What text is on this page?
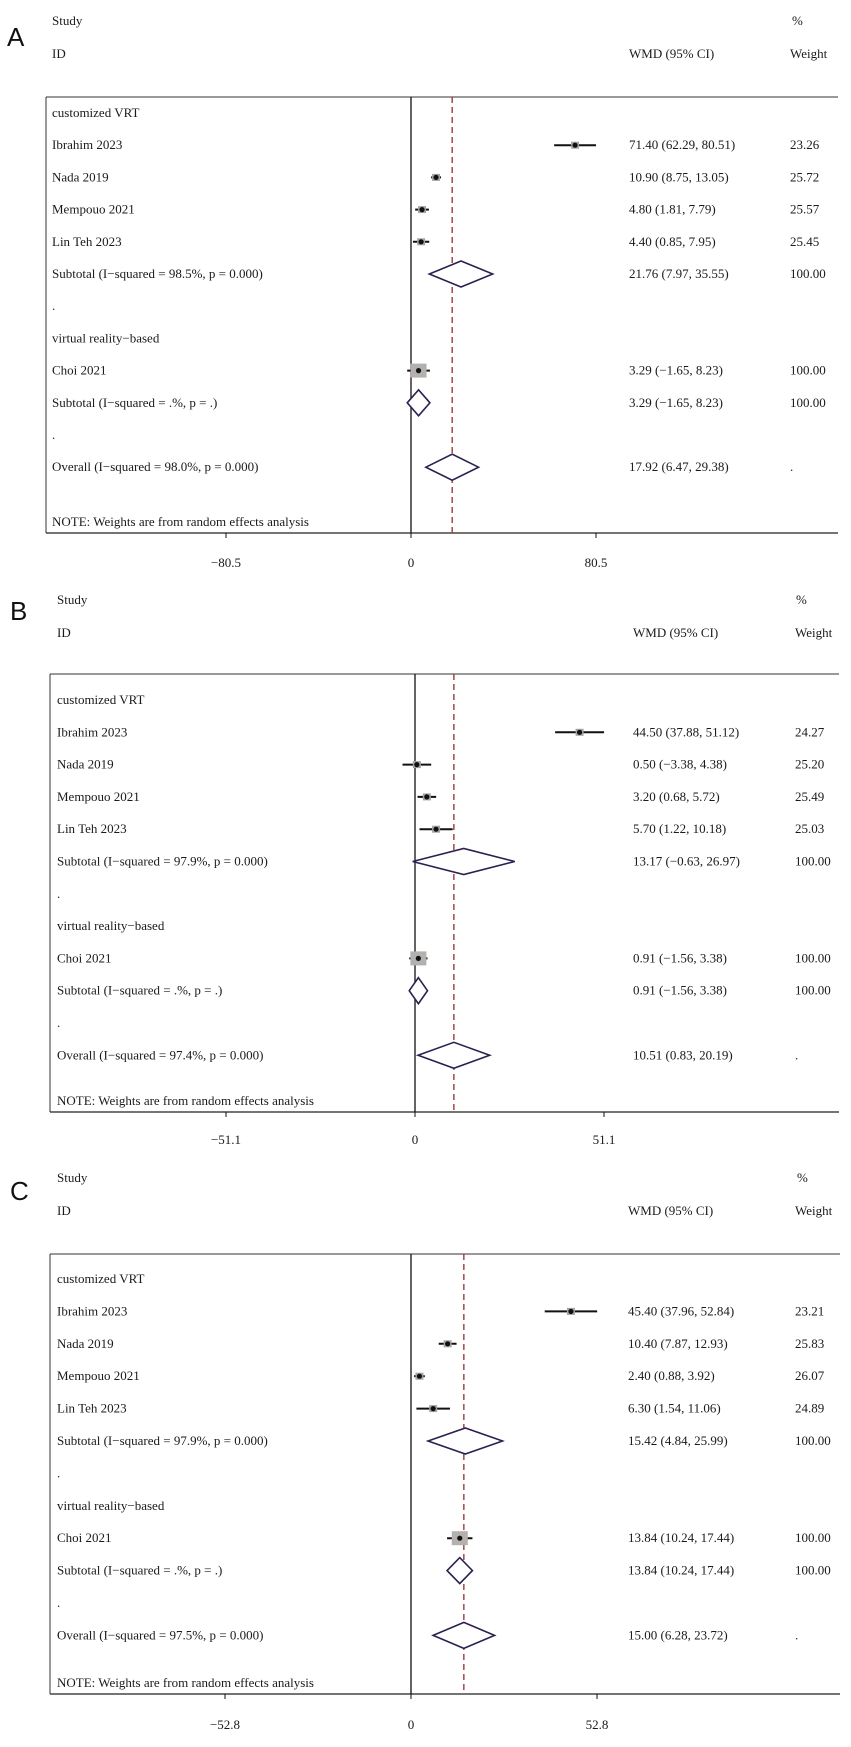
A
Study
ID	WMD (95% CI)
%
Weight
−80.5	0	80.5
customized VRT
Ibrahim 2023	71.40 (62.29, 80.51)	23.26
Nada 2019	10.90 (8.75, 13.05)	25.72
Mempouo 2021	4.80 (1.81, 7.79)	25.57
Lin Teh 2023	4.40 (0.85, 7.95)	25.45
Subtotal (I−squared = 98.5%, p = 0.000)	21.76 (7.97, 35.55)	100.00
.
virtual reality−based
Choi 2021	3.29 (−1.65, 8.23)	100.00
Subtotal (I−squared = .%, p = .)	3.29 (−1.65, 8.23)	100.00
.
Overall (I−squared = 98.0%, p = 0.000)	17.92 (6.47, 29.38)	.
NOTE: Weights are from random effects analysis
B Study
ID	WMD (95% CI)
%
Weight
−51.1	0	51.1
customized VRT
Ibrahim 2023	44.50 (37.88, 51.12)	24.27
Nada 2019	0.50 (−3.38, 4.38)	25.20
Mempouo 2021	3.20 (0.68, 5.72)	25.49
Lin Teh 2023	5.70 (1.22, 10.18)	25.03
Subtotal (I−squared = 97.9%, p = 0.000)	13.17 (−0.63, 26.97)	100.00
.
virtual reality−based
Choi 2021	0.91 (−1.56, 3.38)	100.00
Subtotal (I−squared = .%, p = .)	0.91 (−1.56, 3.38)	100.00
.
Overall (I−squared = 97.4%, p = 0.000)	10.51 (0.83, 20.19)	.
NOTE: Weights are from random effects analysis
C Study
ID	WMD (95% CI)
%
Weight
−52.8	0	52.8
customized VRT
Ibrahim 2023	45.40 (37.96, 52.84)	23.21
Nada 2019	10.40 (7.87, 12.93)	25.83
Mempouo 2021	2.40 (0.88, 3.92)	26.07
Lin Teh 2023	6.30 (1.54, 11.06)	24.89
Subtotal (I−squared = 97.9%, p = 0.000)	15.42 (4.84, 25.99)	100.00
.
virtual reality−based
Choi 2021	13.84 (10.24, 17.44)	100.00
Subtotal (I−squared = .%, p = .)	13.84 (10.24, 17.44)	100.00
.
Overall (I−squared = 97.5%, p = 0.000)	15.00 (6.28, 23.72)	.
NOTE: Weights are from random effects analysis
